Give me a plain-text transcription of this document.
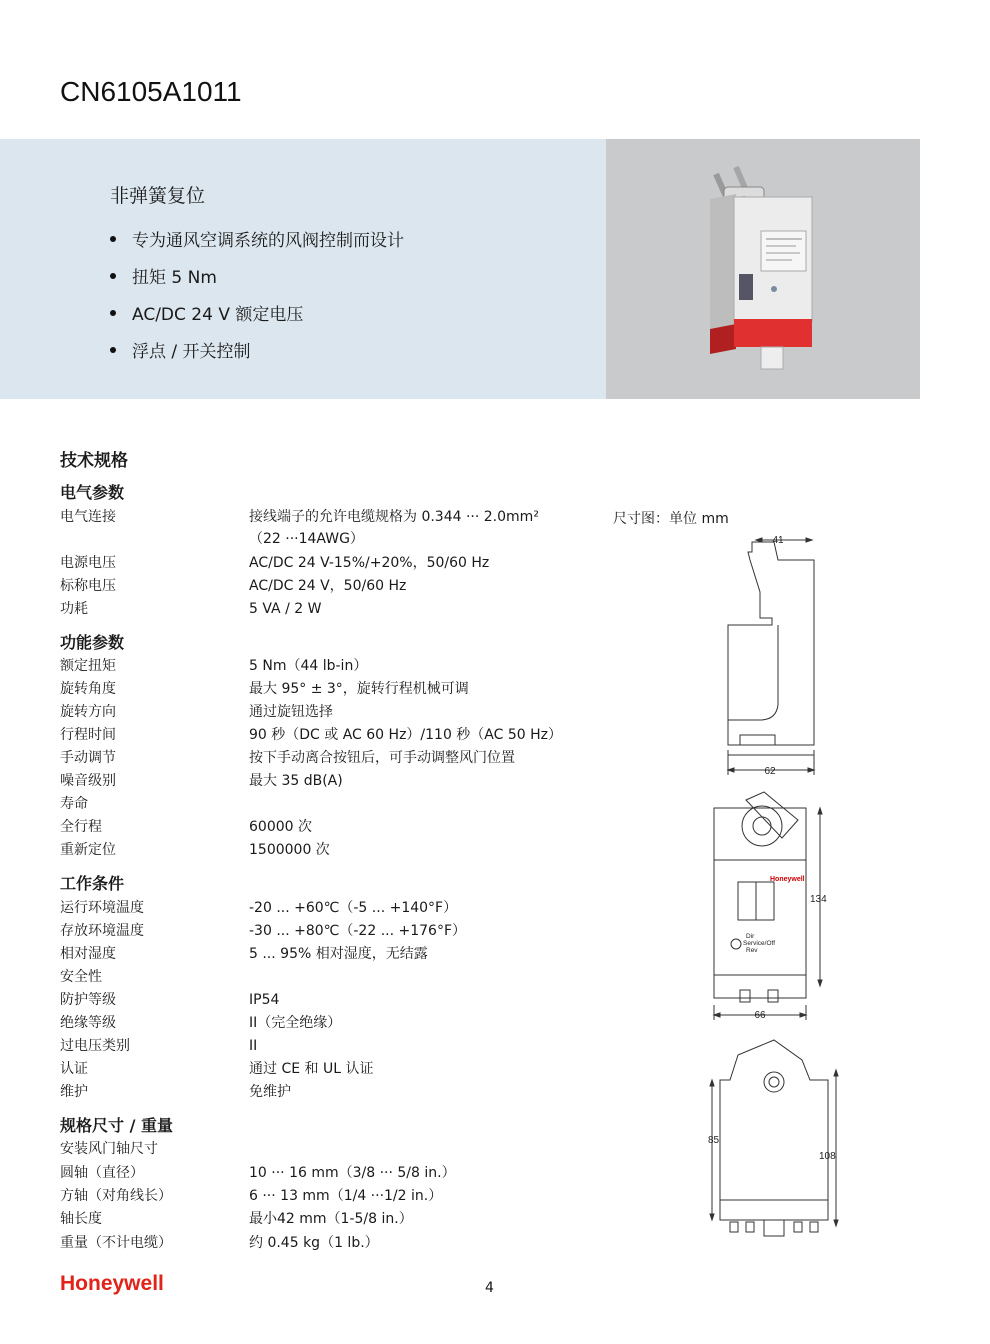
CN6105A1011
非弹簧复位
专为通风空调系统的风阀控制而设计
扭矩 5 Nm
AC/DC 24 V 额定电压
浮点 / 开关控制
技术规格
电气参数
电气连接	接线端子的允许电缆规格为 0.344 ··· 2.0mm²
（22 ···14AWG）
电源电压	AC/DC 24 V-15%/+20%，50/60 Hz
标称电压	AC/DC 24 V，50/60 Hz
功耗	5 VA / 2 W
功能参数
额定扭矩	5 Nm（44 lb-in）
旋转角度	最大 95° ± 3°，旋转行程机械可调
旋转方向	通过旋钮选择
行程时间	90 秒（DC 或 AC 60 Hz）/110 秒（AC 50 Hz）
手动调节	按下手动离合按钮后，可手动调整风门位置
噪音级别	最大 35 dB(A)
寿命
全行程	60000 次
重新定位	1500000 次
工作条件
运行环境温度	-20 ... +60℃（-5 ... +140°F）
存放环境温度	-30 ... +80℃（-22 ... +176°F）
相对湿度	5 ... 95% 相对湿度，无结露
安全性
防护等级	IP54
绝缘等级	II（完全绝缘）
过电压类别	II
认证	通过 CE 和 UL 认证
维护	免维护
规格尺寸 / 重量
安装风门轴尺寸
圆轴（直径）	10 ··· 16 mm（3/8 ··· 5/8 in.）
方轴（对角线长）	6 ··· 13 mm（1/4 ···1/2 in.）
轴长度	最小42 mm（1-5/8 in.）
重量（不计电缆）	约 0.45 kg（1 lb.）
尺寸图：单位 mm
41
62
134
66
85
108
Honeywell
Dir
Service/Off
Rev
Honeywell	4
